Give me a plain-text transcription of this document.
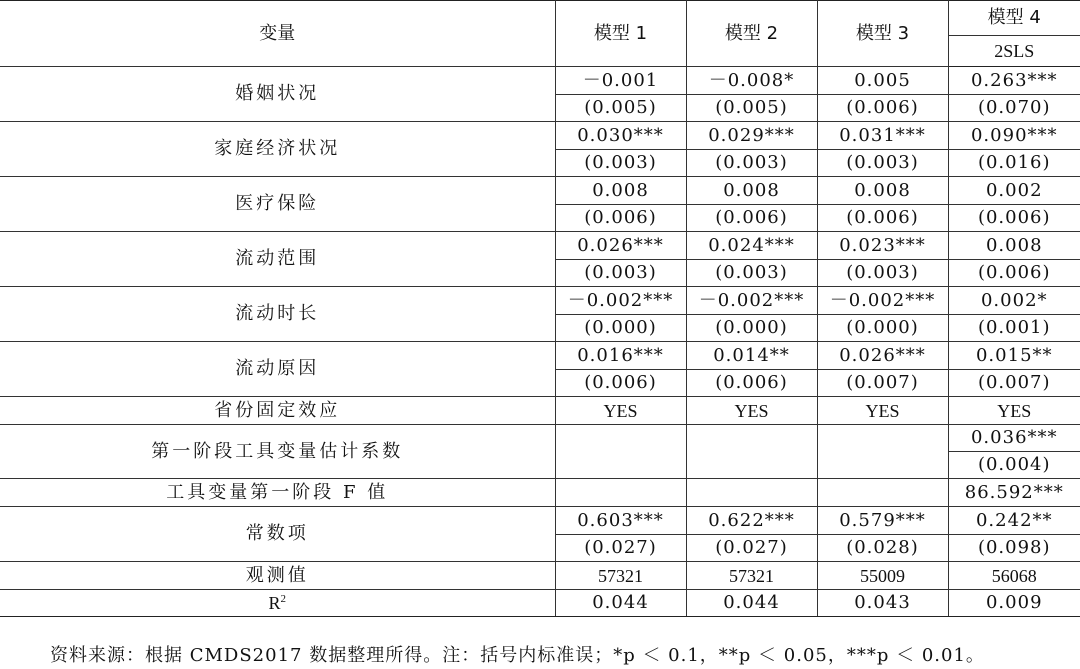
变量	模型 1	模型 2	模型 3	模型 4
				2SLS
婚姻状况	－0.001	－0.008*	0.005	0.263***
	(0.005)	(0.005)	(0.006)	(0.070)
家庭经济状况	0.030***	0.029***	0.031***	0.090***
	(0.003)	(0.003)	(0.003)	(0.016)
医疗保险	0.008	0.008	0.008	0.002
	(0.006)	(0.006)	(0.006)	(0.006)
流动范围	0.026***	0.024***	0.023***	0.008
	(0.003)	(0.003)	(0.003)	(0.006)
流动时长	－0.002***	－0.002***	－0.002***	0.002*
	(0.000)	(0.000)	(0.000)	(0.001)
流动原因	0.016***	0.014**	0.026***	0.015**
	(0.006)	(0.006)	(0.007)	(0.007)
省份固定效应	YES	YES	YES	YES
第一阶段工具变量估计系数				0.036***
				(0.004)
工具变量第一阶段 F 值				86.592***
常数项	0.603***	0.622***	0.579***	0.242**
	(0.027)	(0.027)	(0.028)	(0.098)
观测值	57321	57321	55009	56068
$R^2$	0.044	0.044	0.043	0.009
资料来源：根据 CMDS2017 数据整理所得。注：括号内标准误；*p ＜ 0.1，**p ＜ 0.05，***p ＜ 0.01。
